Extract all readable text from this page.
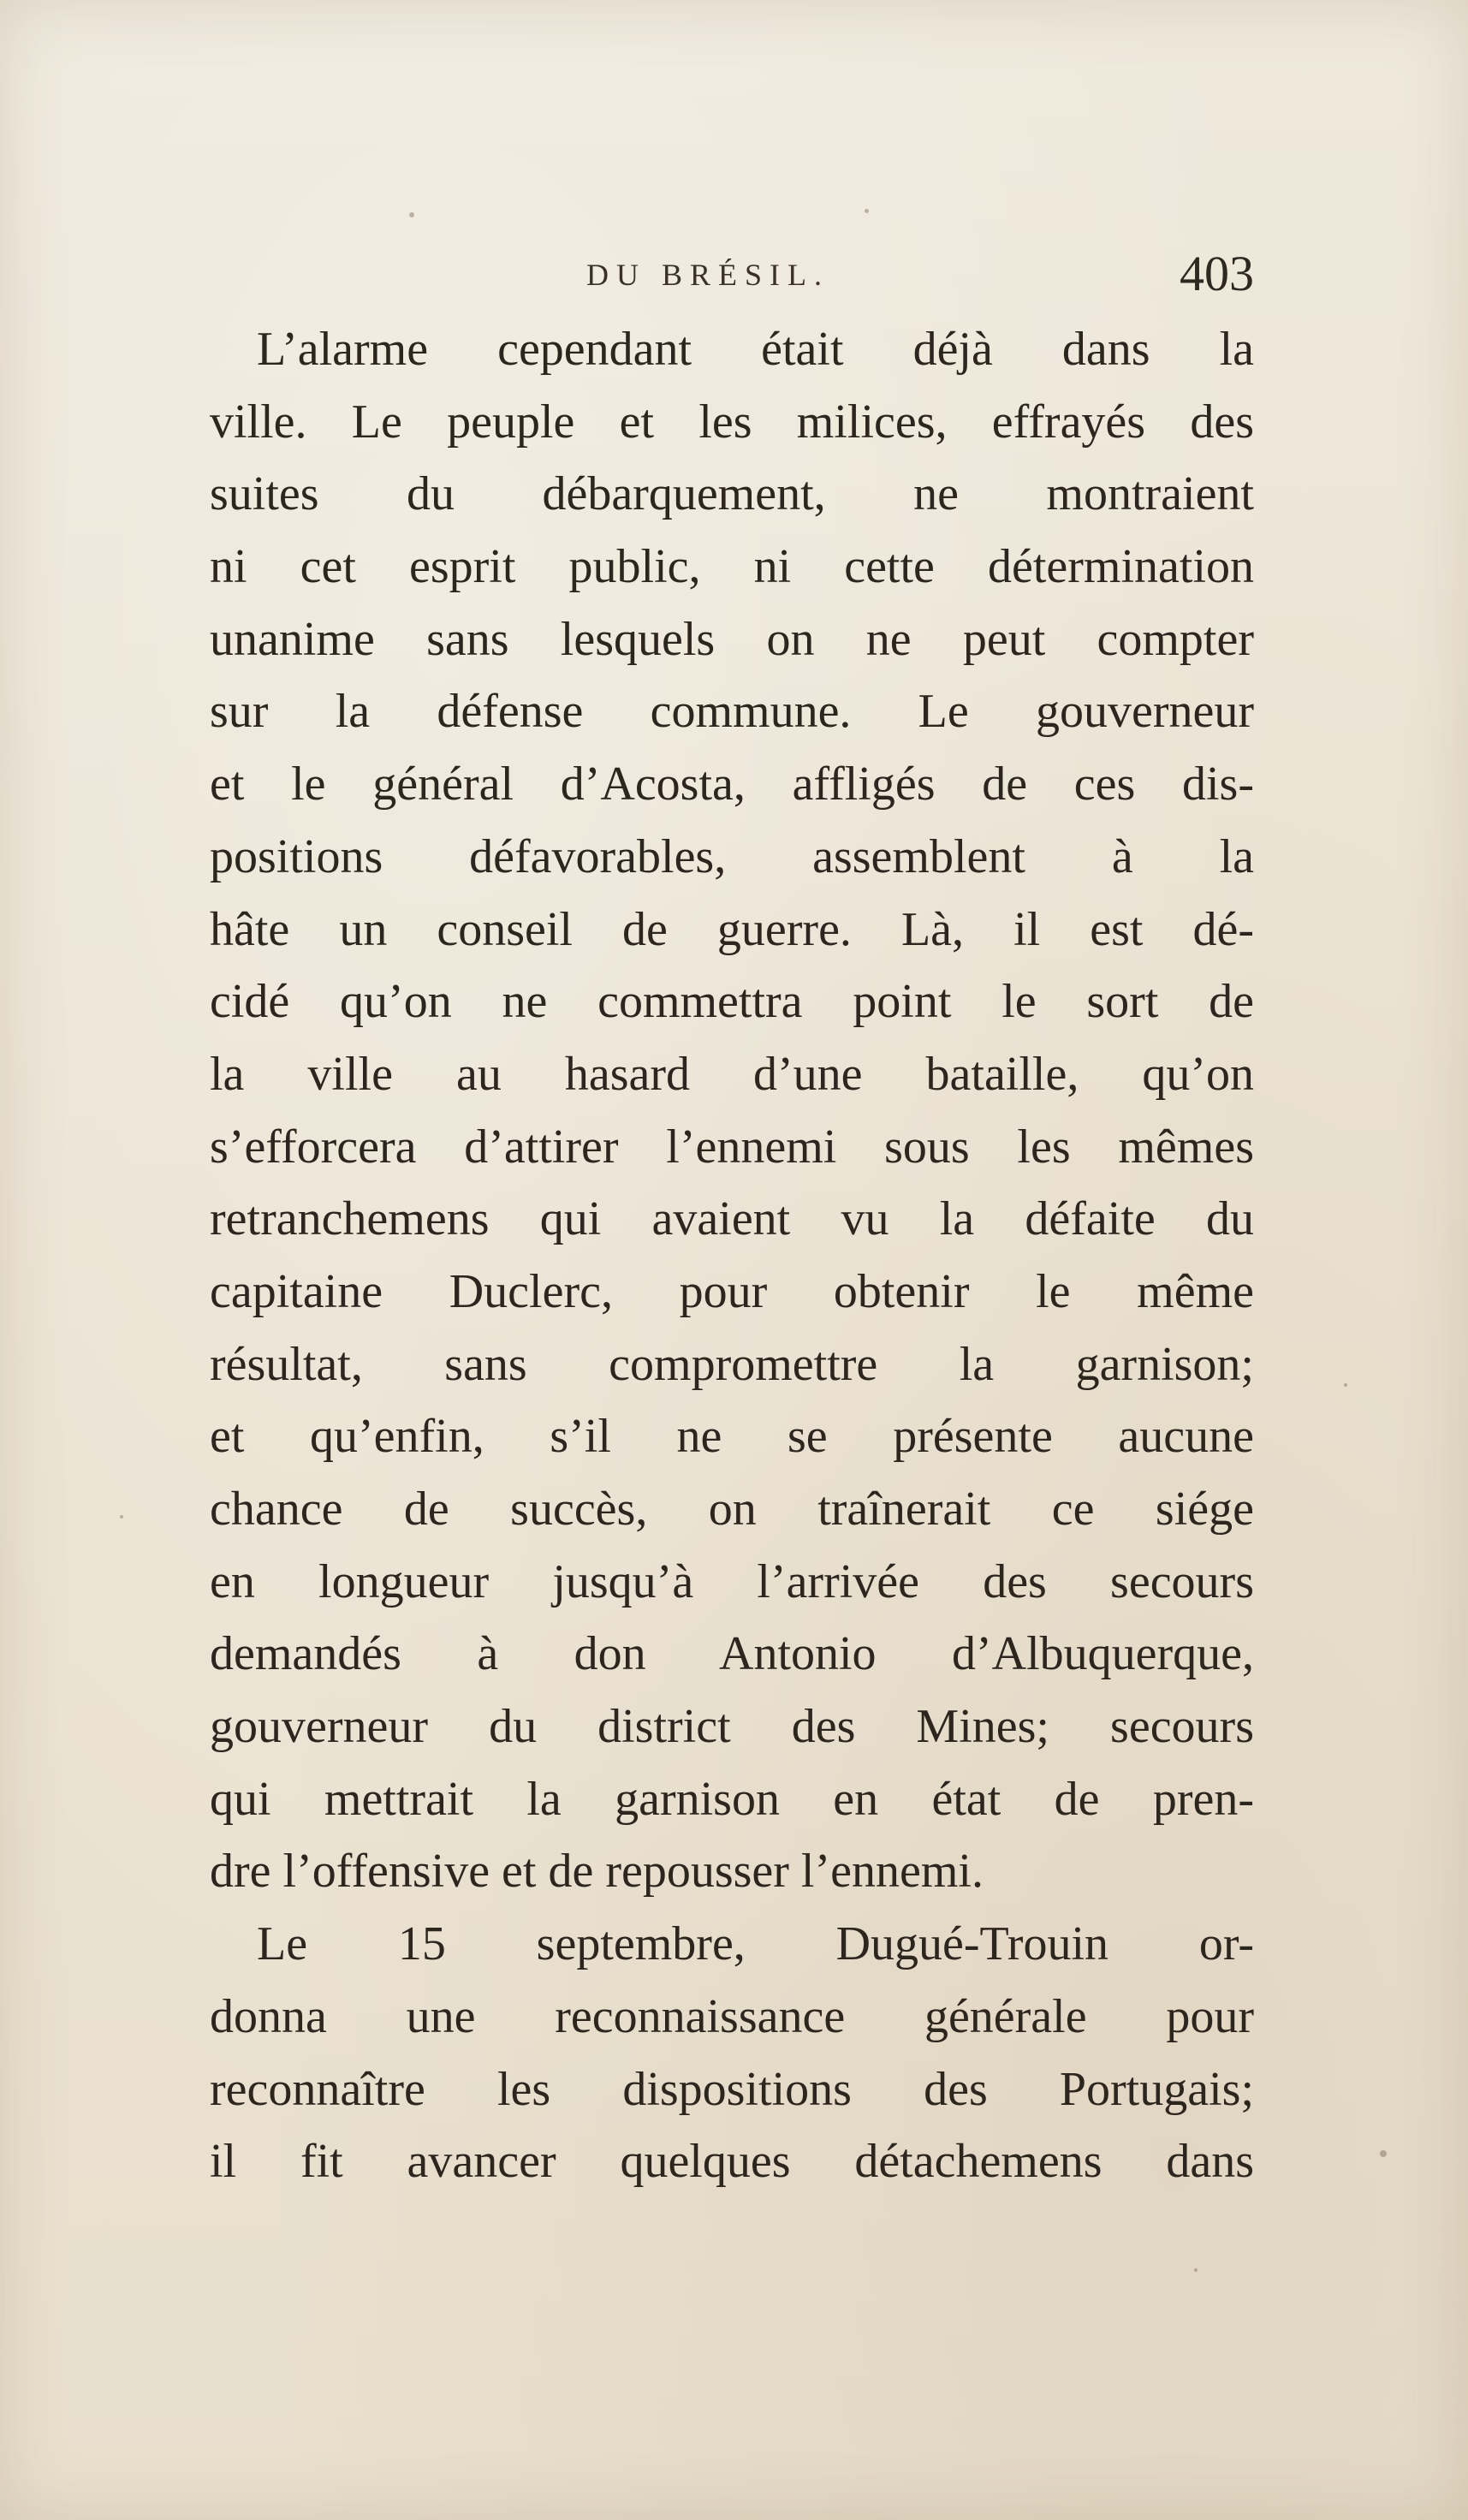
DU BRÉSIL.	403
L’alarme cependant était déjà dans la
ville. Le peuple et les milices, effrayés des
suites du débarquement, ne montraient
ni cet esprit public, ni cette détermination
unanime sans lesquels on ne peut compter
sur la défense commune. Le gouverneur
et le général d’Acosta, affligés de ces dis-
positions défavorables, assemblent à la
hâte un conseil de guerre. Là, il est dé-
cidé qu’on ne commettra point le sort de
la ville au hasard d’une bataille, qu’on
s’efforcera d’attirer l’ennemi sous les mêmes
retranchemens qui avaient vu la défaite du
capitaine Duclerc, pour obtenir le même
résultat, sans compromettre la garnison;
et qu’enfin, s’il ne se présente aucune
chance de succès, on traînerait ce siége
en longueur jusqu’à l’arrivée des secours
demandés à don Antonio d’Albuquerque,
gouverneur du district des Mines; secours
qui mettrait la garnison en état de pren-
dre l’offensive et de repousser l’ennemi.
Le 15 septembre, Dugué-Trouin or-
donna une reconnaissance générale pour
reconnaître les dispositions des Portugais;
il fit avancer quelques détachemens dans
